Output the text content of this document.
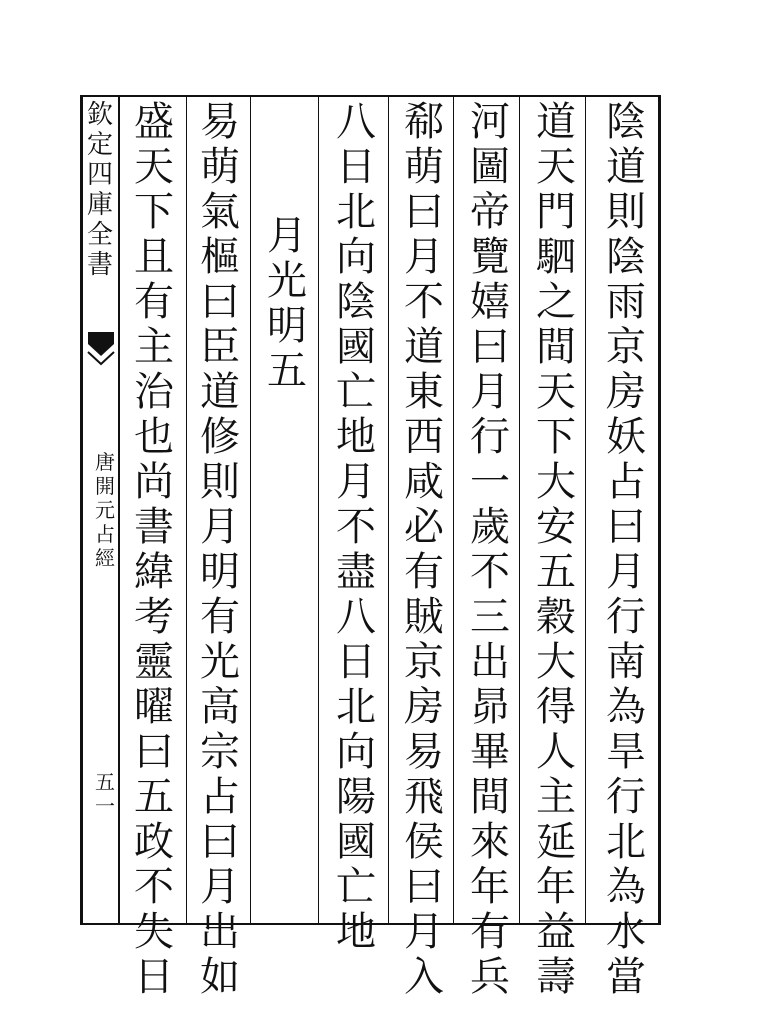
欽
定
四
庫
全
書
唐
開
元
占
經
五
一
陰
道
則
陰
雨
京
房
妖
占
曰
月
行
南
為
旱
行
北
為
水
當
道
天
門
駟
之
間
天
下
大
安
五
穀
大
得
人
主
延
年
益
壽
河
圖
帝
覽
嬉
曰
月
行
一
歲
不
三
出
昴
畢
間
來
年
有
兵
郗
萌
曰
月
不
道
東
西
咸
必
有
賊
京
房
易
飛
侯
曰
月
入
八
日
北
向
陰
國
亡
地
月
不
盡
八
日
北
向
陽
國
亡
地
月
光
明
五
易
萌
氣
樞
曰
臣
道
修
則
月
明
有
光
高
宗
占
曰
月
出
如
盛
天
下
且
有
主
治
也
尚
書
緯
考
靈
曜
曰
五
政
不
失
日
